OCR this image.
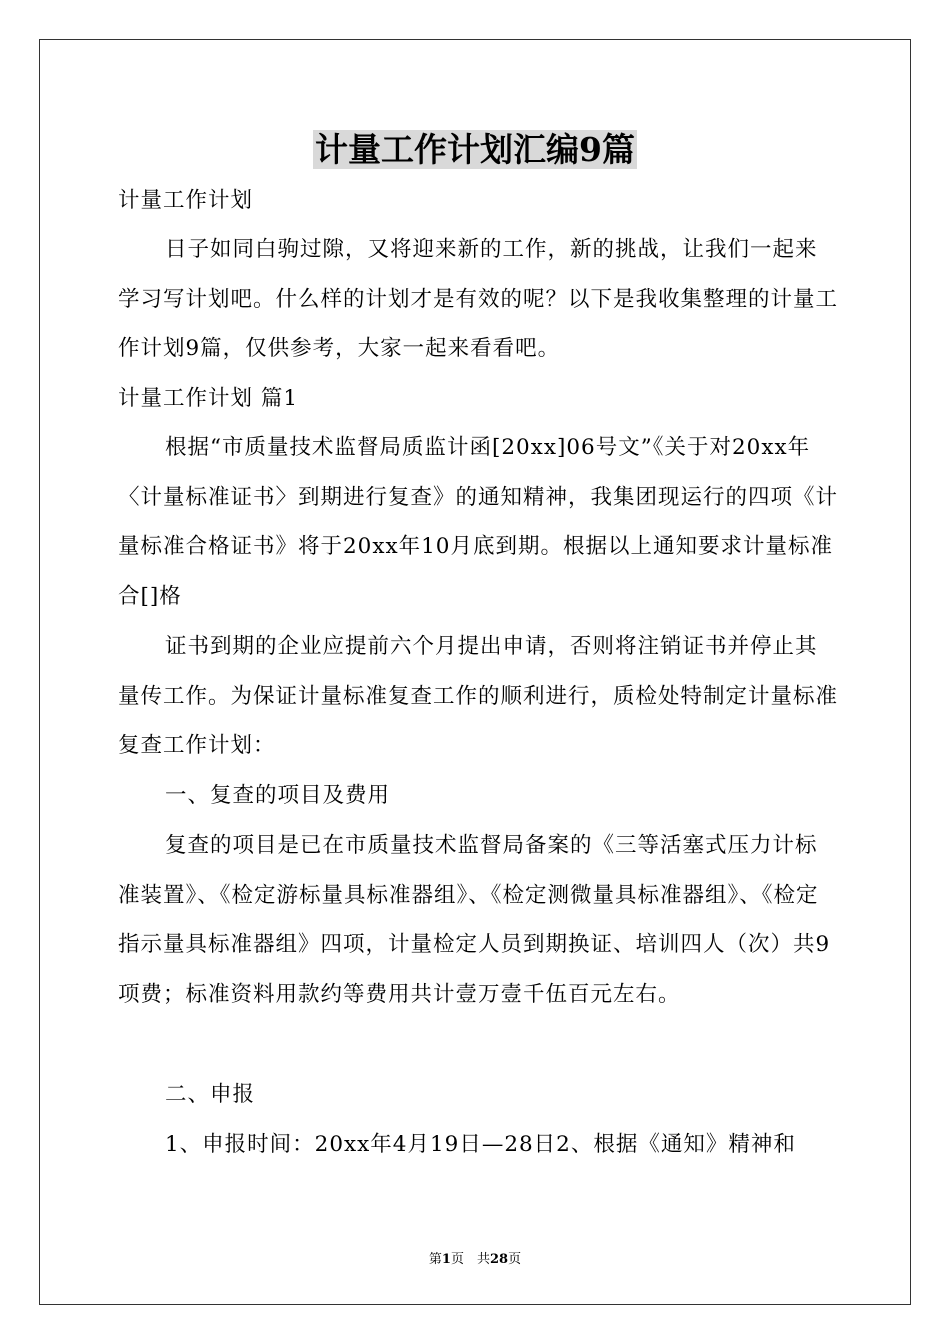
计量工作计划汇编9篇

计量工作计划

日子如同白驹过隙，又将迎来新的工作，新的挑战，让我们一起来学习写计划吧。什么样的计划才是有效的呢？以下是我收集整理的计量工作计划9篇，仅供参考，大家一起来看看吧。

计量工作计划 篇1

根据“市质量技术监督局质监计函[20xx]06号文”《关于对20xx年〈计量标准证书〉到期进行复查》的通知精神，我集团现运行的四项《计量标准合格证书》将于20xx年10月底到期。根据以上通知要求计量标准合[]格

证书到期的企业应提前六个月提出申请，否则将注销证书并停止其量传工作。为保证计量标准复查工作的顺利进行，质检处特制定计量标准复查工作计划：

一、复查的项目及费用

复查的项目是已在市质量技术监督局备案的《三等活塞式压力计标准装置》、《检定游标量具标准器组》、《检定测微量具标准器组》、《检定指示量具标准器组》四项，计量检定人员到期换证、培训四人（次）共9项费；标准资料用款约等费用共计壹万壹千伍百元左右。

二、申报

1、申报时间：20xx年4月19日—28日2、根据《通知》精神和

第1页　共28页
